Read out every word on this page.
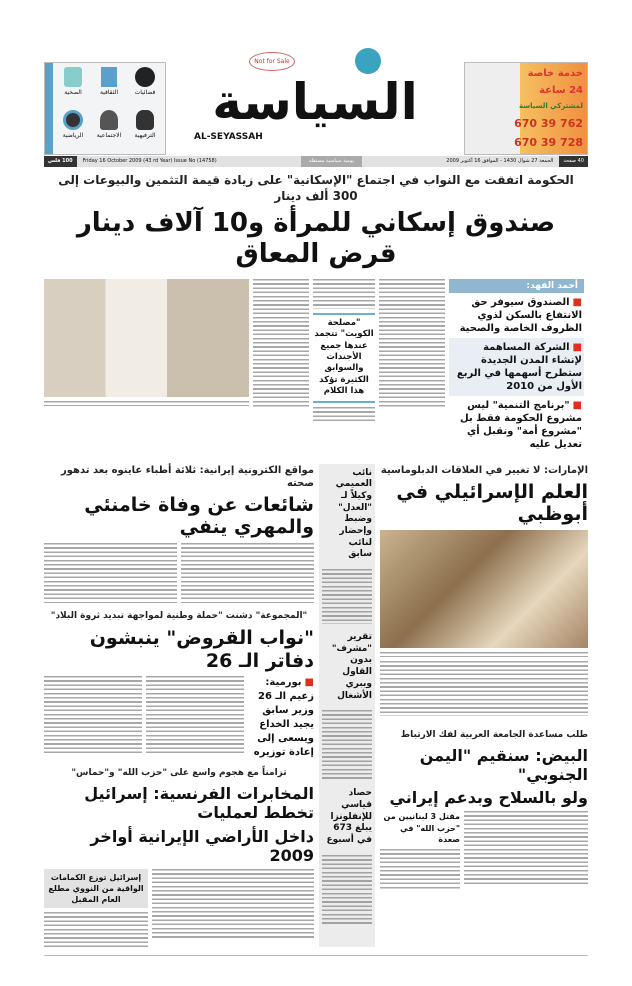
فضائيات
الثقافية
الصحية
الترفيهية
الاجتماعية
الرياضية
Not for Sale
السياسة
AL-SEYASSAH
خدمة خاصة
24 ساعة
لمشتركي السياسة
670 39 762
670 39 728
100 فلس	Friday 16 October 2009 (43 rd Year) Issue No (14758)	يومية سياسية مستقلة	الجمعة 27 شوال 1430 - الموافق 16 أكتوبر 2009	40 صفحة
الحكومة اتفقت مع النواب في اجتماع "الإسكانية" على زيادة قيمة التثمين والبيوعات إلى 300 ألف دينار
صندوق إسكاني للمرأة و10 آلاف دينار قرض المعاق
"مصلحة الكويت" تتجمد عندها جميع الأجندات والسوابق الكثيرة تؤكد هذا الكلام
أحمد الفهد:
■الصندوق سيوفر حق الانتفاع بالسكن لذوي الظروف الخاصة والصحية
■الشركة المساهمة لإنشاء المدن الجديدة ستطرح أسهمها في الربع الأول من 2010
■"برنامج التنمية" ليس مشروع الحكومة فقط بل "مشروع أمة" ونقبل أي تعديل عليه
مواقع الكترونية إيرانية: ثلاثة أطباء عاينوه بعد تدهور صحته
شائعات عن وفاة خامنئي والمهري ينفي
"المجموعة" دشنت "حملة وطنية لمواجهة تبديد ثروة البلاد"
"نواب القروض" ينبشون دفاتر الـ 26
■بورمية: زعيم الـ 26 وزير سابق يجيد الخداع ويسعى إلى إعادة توزيره
تزامناً مع هجوم واسع على "حزب الله" و"حماس"
المخابرات الفرنسية: إسرائيل تخطط لعمليات
داخل الأراضي الإيرانية أواخر 2009
إسرائيل توزع الكمامات الواقية من النووي مطلع العام المقبل
نائب العميمي وكيلاً لـ "العدل" وضبط وإحضار لنائب سابق
تقرير "مشرف" بدون القاول ويبري الأشغال
حصاد قياسي للإنفلونزا يبلغ 673 في أسبوع
الإمارات: لا تغيير في العلاقات الدبلوماسية
العلم الإسرائيلي في أبوظبي
طلب مساعدة الجامعة العربية لفك الارتباط
البيض: سنقيم "اليمن الجنوبي"
ولو بالسلاح وبدعم إيراني
مقتل 3 لبنانيين من "حزب الله" في صعدة
